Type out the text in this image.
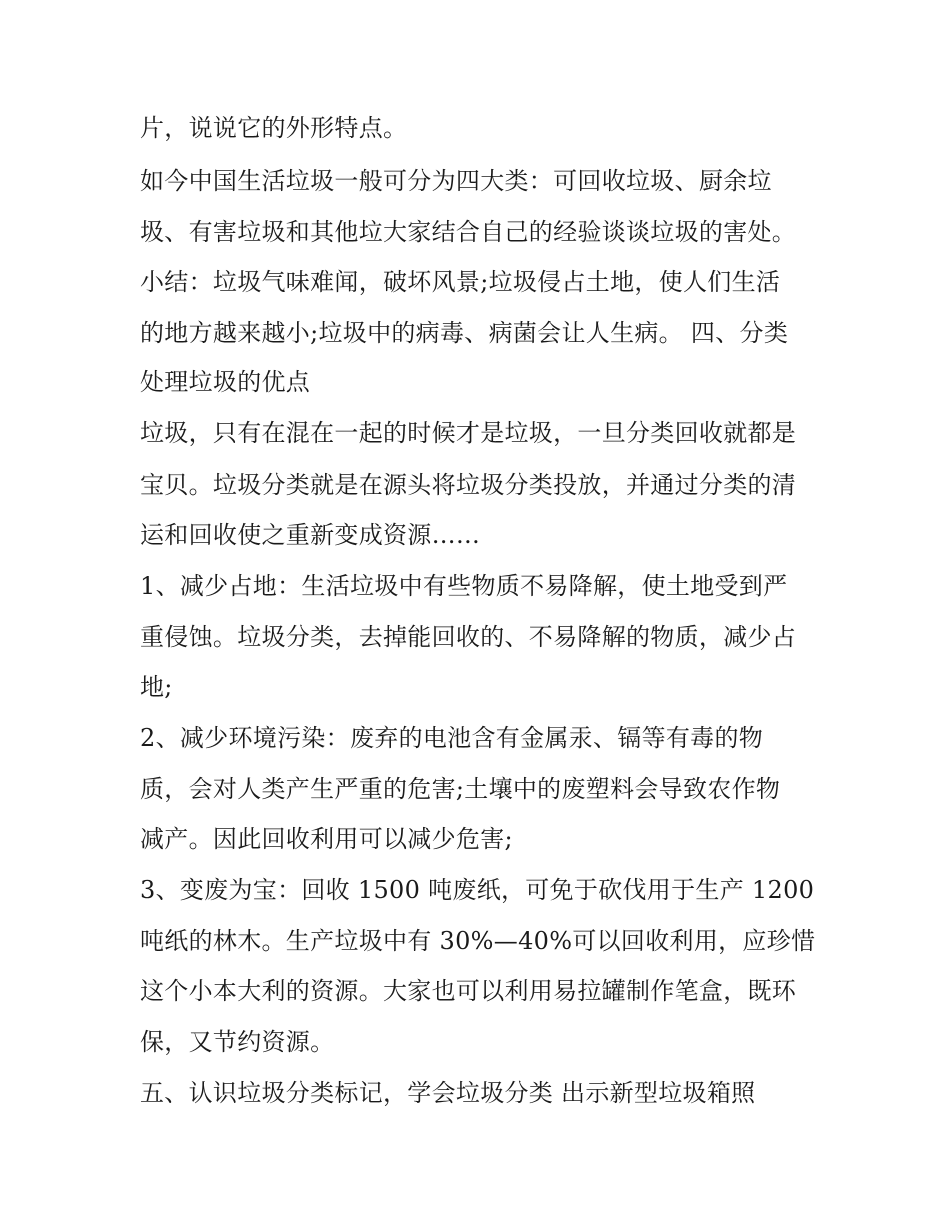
片，说说它的外形特点。
如今中国生活垃圾一般可分为四大类：可回收垃圾、厨余垃
圾、有害垃圾和其他垃大家结合自己的经验谈谈垃圾的害处。
小结：垃圾气味难闻，破坏风景;垃圾侵占土地，使人们生活
的地方越来越小;垃圾中的病毒、病菌会让人生病。 四、分类
处理垃圾的优点
垃圾，只有在混在一起的时候才是垃圾，一旦分类回收就都是
宝贝。垃圾分类就是在源头将垃圾分类投放，并通过分类的清
运和回收使之重新变成资源……
1、减少占地：生活垃圾中有些物质不易降解，使土地受到严
重侵蚀。垃圾分类，去掉能回收的、不易降解的物质，减少占
地;
2、减少环境污染：废弃的电池含有金属汞、镉等有毒的物
质，会对人类产生严重的危害;土壤中的废塑料会导致农作物
减产。因此回收利用可以减少危害;
3、变废为宝：回收 1500 吨废纸，可免于砍伐用于生产 1200
吨纸的林木。生产垃圾中有 30%—40%可以回收利用，应珍惜
这个小本大利的资源。大家也可以利用易拉罐制作笔盒，既环
保，又节约资源。
五、认识垃圾分类标记，学会垃圾分类 出示新型垃圾箱照
